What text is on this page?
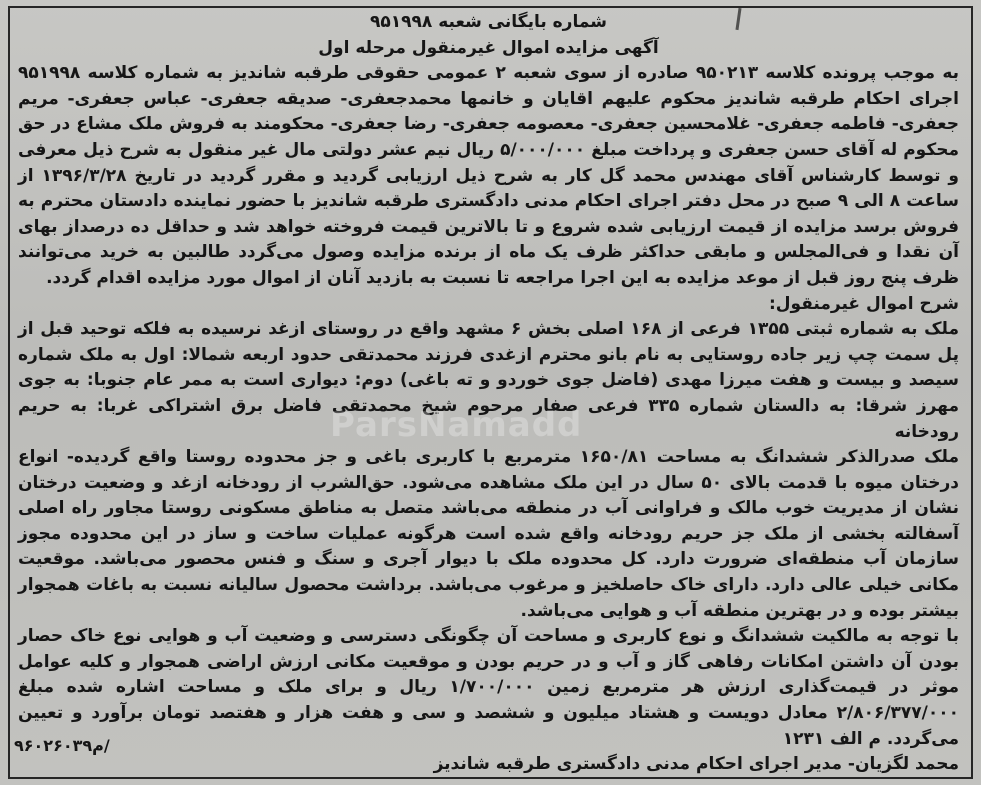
شماره بایگانی شعبه ۹۵۱۹۹۸

آگهی مزایده اموال غیرمنقول مرحله اول

به موجب پرونده کلاسه ۹۵۰۲۱۳ صادره از سوی شعبه ۲ عمومی حقوقی طرقبه شاندیز به شماره کلاسه ۹۵۱۹۹۸ اجرای احکام طرقبه شاندیز محکوم علیهم اقایان و خانمها محمدجعفری- صدیقه جعفری- عباس جعفری- مریم جعفری- فاطمه جعفری- غلامحسین جعفری- معصومه جعفری- رضا جعفری- محکومند به فروش ملک مشاع در حق محکوم له آقای حسن جعفری و پرداخت مبلغ ۵/۰۰۰/۰۰۰ ریال نیم عشر دولتی مال غیر منقول به شرح ذیل معرفی و توسط کارشناس آقای مهندس محمد گل کار به شرح ذیل ارزیابی گردید و مقرر گردید در تاریخ ۱۳۹۶/۳/۲۸ از ساعت ۸ الی ۹ صبح در محل دفتر اجرای احکام مدنی دادگستری طرقبه شاندیز با حضور نماینده دادستان محترم به فروش برسد مزایده از قیمت ارزیابی شده شروع و تا بالاترین قیمت فروخته خواهد شد و حداقل ده درصداز بهای آن نقدا و فی‌المجلس و مابقی حداکثر ظرف یک ماه از برنده مزایده وصول می‌گردد طالبین به خرید می‌توانند ظرف پنج روز قبل از موعد مزایده به این اجرا مراجعه تا نسبت به بازدید آنان از اموال مورد مزایده اقدام گردد.

شرح اموال غیرمنقول:

ملک به شماره ثبتی ۱۳۵۵ فرعی از ۱۶۸ اصلی بخش ۶ مشهد واقع در روستای ازغد نرسیده به فلکه توحید قبل از پل سمت چپ زیر جاده روستایی به نام بانو محترم ازغدی فرزند محمدتقی حدود اربعه شمالا: اول به ملک شماره سیصد و بیست و هفت میرزا مهدی (فاضل جوی خوردو و ته باغی) دوم: دیواری است به ممر عام جنوبا: به جوی مهرز شرقا: به دالستان شماره ۳۳۵ فرعی صفار مرحوم شیخ محمدتقی فاضل برق اشتراکی غربا: به حریم رودخانه

ملک صدرالذکر ششدانگ به مساحت ۱۶۵۰/۸۱ مترمربع با کاربری باغی و جز محدوده روستا واقع گردیده- انواع درختان میوه با قدمت بالای ۵۰ سال در این ملک مشاهده می‌شود. حق‌الشرب از رودخانه ازغد و وضعیت درختان نشان از مدیریت خوب مالک و فراوانی آب در منطقه می‌باشد متصل به مناطق مسکونی روستا مجاور راه اصلی آسفالته بخشی از ملک جز حریم رودخانه واقع شده است هرگونه عملیات ساخت و ساز در این محدوده مجوز سازمان آب منطقه‌ای ضرورت دارد. کل محدوده ملک با دیوار آجری و سنگ و فنس محصور می‌باشد. موقعیت مکانی خیلی عالی دارد. دارای خاک حاصلخیز و مرغوب می‌باشد. برداشت محصول سالیانه نسبت به باغات همجوار بیشتر بوده و در بهترین منطقه آب و هوایی می‌باشد.

با توجه به مالکیت ششدانگ و نوع کاربری و مساحت آن چگونگی دسترسی و وضعیت آب و هوایی نوع خاک حصار بودن آن داشتن امکانات رفاهی گاز و آب و در حریم بودن و موقعیت مکانی ارزش اراضی همجوار و کلیه عوامل موثر در قیمت‌گذاری ارزش هر مترمربع زمین ۱/۷۰۰/۰۰۰ ریال و برای ملک و مساحت اشاره شده مبلغ ۲/۸۰۶/۳۷۷/۰۰۰ معادل دویست و هشتاد میلیون و ششصد و سی و هفت هزار و هفتصد تومان برآورد و تعیین می‌گردد. م الف ۱۲۳۱

محمد لگزیان- مدیر اجرای احکام مدنی دادگستری طرقبه شاندیز

م۹۶۰۲۶۰۳۹/
ParsNamadd
